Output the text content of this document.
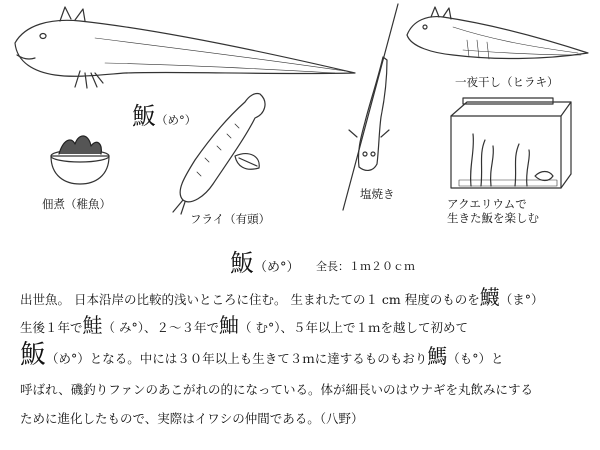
魬（め°）
塩焼き
一夜干し（ヒラキ）
佃煮（稚魚）
フライ（有頭）
アクエリウムで
生きた魬を楽しむ
魬（め°） 全長：１ｍ２０ｃｍ
出世魚。 日本沿岸の比較的浅いところに住む。 生まれたての１ cm 程度のものを鱴（ま°）
生後１年で鮭（ み°）、２～３年で鮋（ む°）、５年以上で１ｍを越して初めて
魬（め°）となる。中には３０年以上も生きて３ｍに達するものもおり鰢（も°）と
呼ばれ、磯釣りファンのあこがれの的になっている。体が細長いのはウナギを丸飲みにする
ために進化したもので、実際はイワシの仲間である。（八野）
